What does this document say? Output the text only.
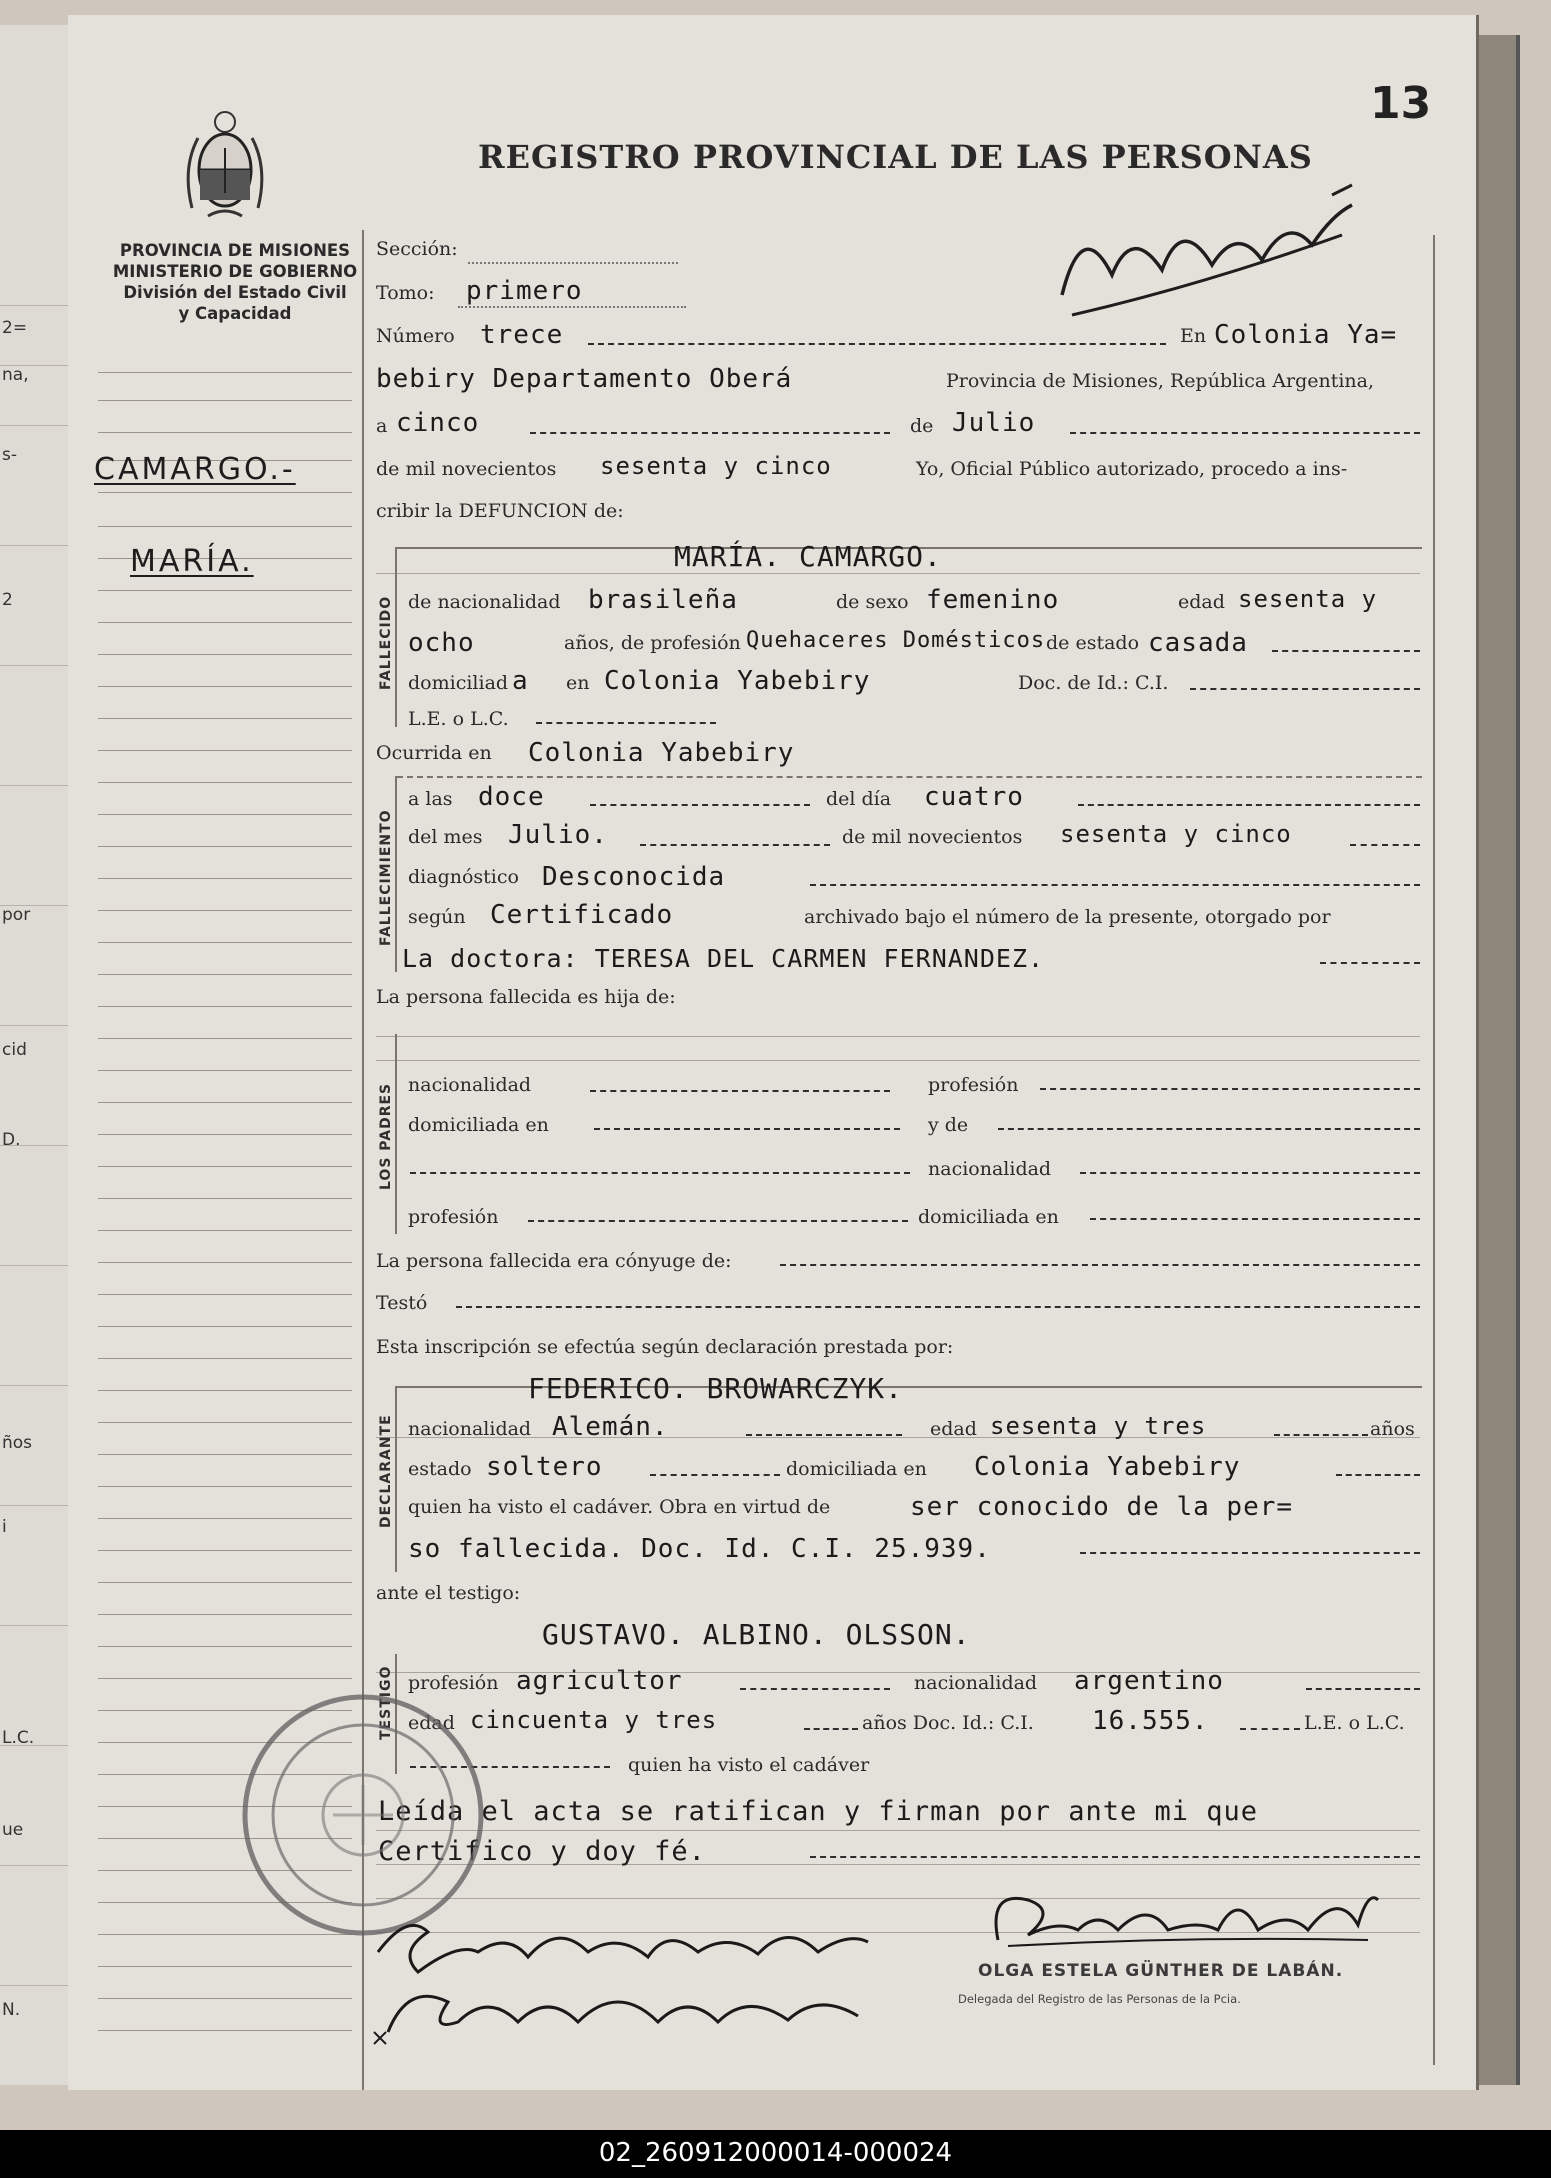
2=
na,
s-
2
por
cid
D.
ños
i
L.C.
ue
N.
13
PROVINCIA DE MISIONES
MINISTERIO DE GOBIERNO
División del Estado Civil
y Capacidad
REGISTRO PROVINCIAL DE LAS PERSONAS
CAMARGO.-
MARÍA.
Sección:
Tomo: primero
Número trece	En Colonia Ya=
bebiry Departamento Oberá	Provincia de Misiones, República Argentina,
a cinco	de Julio
de mil novecientos sesenta y cinco	Yo, Oficial Público autorizado, procedo a ins-
cribir la DEFUNCION de:
FALLECIDO
MARÍA. CAMARGO.
de nacionalidad brasileña	de sexo femenino	edad sesenta y
ocho	años, de profesión Quehaceres Domésticos de estado casada
domiciliad a en Colonia Yabebiry	Doc. de Id.: C.I.
L.E. o L.C.
Ocurrida en Colonia Yabebiry
FALLECIMIENTO
a las doce	del día cuatro
del mes Julio.	de mil novecientos sesenta y cinco
diagnóstico Desconocida
según Certificado	archivado bajo el número de la presente, otorgado por
La doctora: TERESA DEL CARMEN FERNANDEZ.
La persona fallecida es hija de:
LOS PADRES nacionalidad	profesión
domiciliada en	y de
nacionalidad
profesión	domiciliada en
La persona fallecida era cónyuge de:
Testó
Esta inscripción se efectúa según declaración prestada por:
DECLARANTE
FEDERICO. BROWARCZYK.
nacionalidad Alemán.	edad sesenta y tres	años
estado soltero	domiciliada en Colonia Yabebiry
quien ha visto el cadáver. Obra en virtud de	ser conocido de la per=
so fallecida. Doc. Id. C.I. 25.939.
ante el testigo:
TESTIGO
GUSTAVO. ALBINO. OLSSON.
profesión agricultor	nacionalidad argentino
edad cincuenta y tres	años Doc. Id.: C.I. 16.555.	L.E. o L.C.
quien ha visto el cadáver
Leída el acta se ratifican y firman por ante mi que
Certifico y doy fé.
OLGA ESTELA GÜNTHER DE LABÁN.
Delegada del Registro de las Personas de la Pcia.
02_260912000014-000024
